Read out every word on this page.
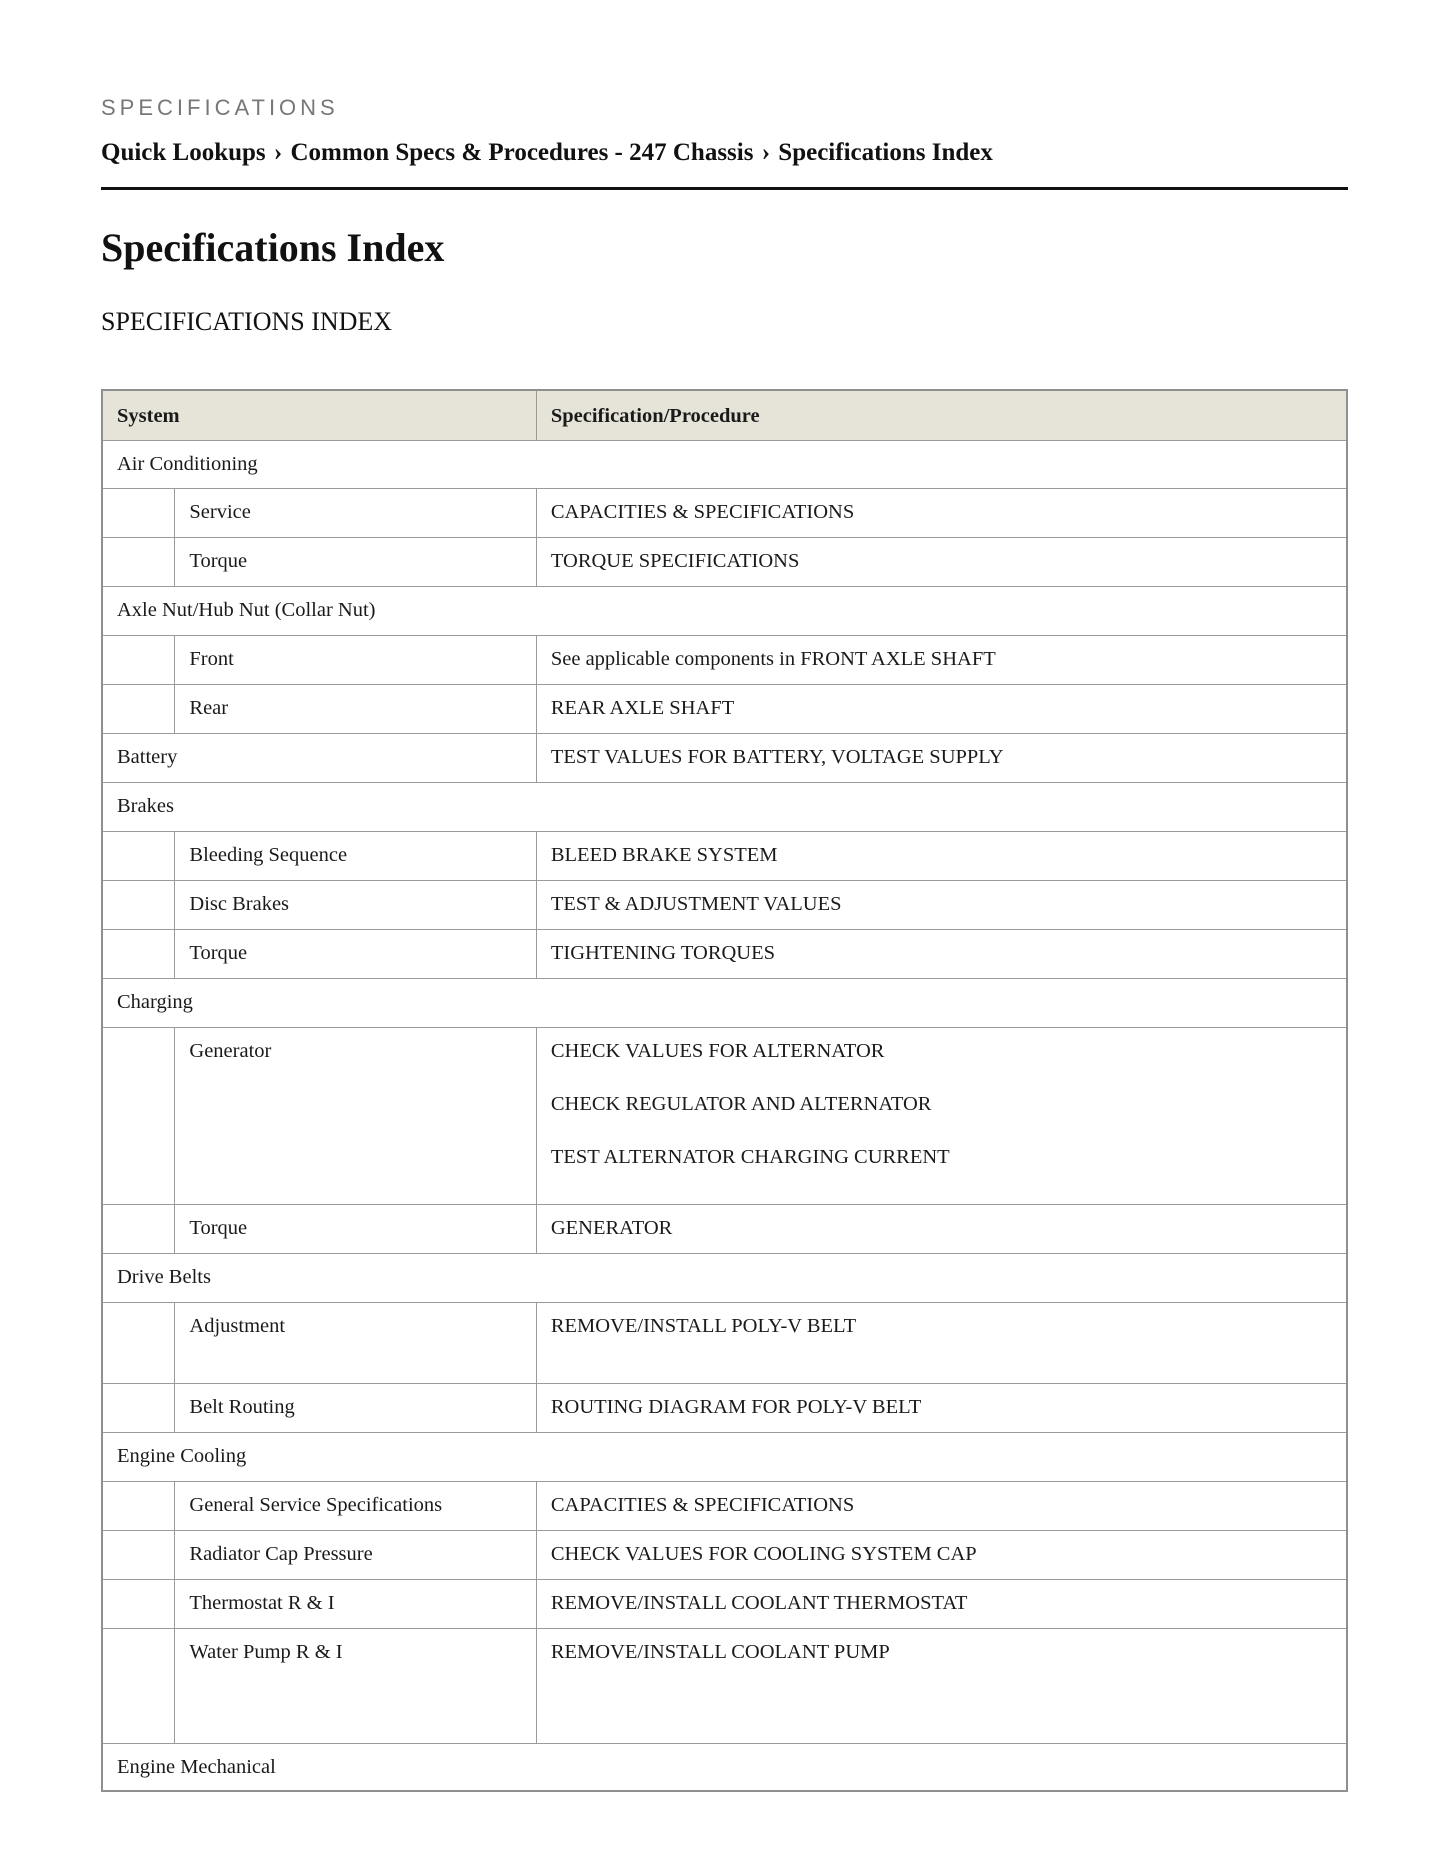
SPECIFICATIONS
Quick Lookups › Common Specs & Procedures - 247 Chassis › Specifications Index
Specifications Index
SPECIFICATIONS INDEX
System		Specification/Procedure
Air Conditioning		
	Service	CAPACITIES & SPECIFICATIONS

	Torque	TORQUE SPECIFICATIONS

Axle Nut/Hub Nut (Collar Nut)		
	Front	See applicable components in FRONT AXLE SHAFT

	Rear	REAR AXLE SHAFT

Battery		TEST VALUES FOR BATTERY, VOLTAGE SUPPLY

Brakes		
	Bleeding Sequence	BLEED BRAKE SYSTEM

	Disc Brakes	TEST & ADJUSTMENT VALUES

	Torque	TIGHTENING TORQUES

Charging		
	Generator	CHECK VALUES FOR ALTERNATOR

CHECK REGULATOR AND ALTERNATOR

TEST ALTERNATOR CHARGING CURRENT

	Torque	GENERATOR

Drive Belts		
	Adjustment	REMOVE/INSTALL POLY-V BELT

	Belt Routing	ROUTING DIAGRAM FOR POLY-V BELT

Engine Cooling		
	General Service Specifications	CAPACITIES & SPECIFICATIONS

	Radiator Cap Pressure	CHECK VALUES FOR COOLING SYSTEM CAP

	Thermostat R & I	REMOVE/INSTALL COOLANT THERMOSTAT

	Water Pump R & I	REMOVE/INSTALL COOLANT PUMP

Engine Mechanical		
